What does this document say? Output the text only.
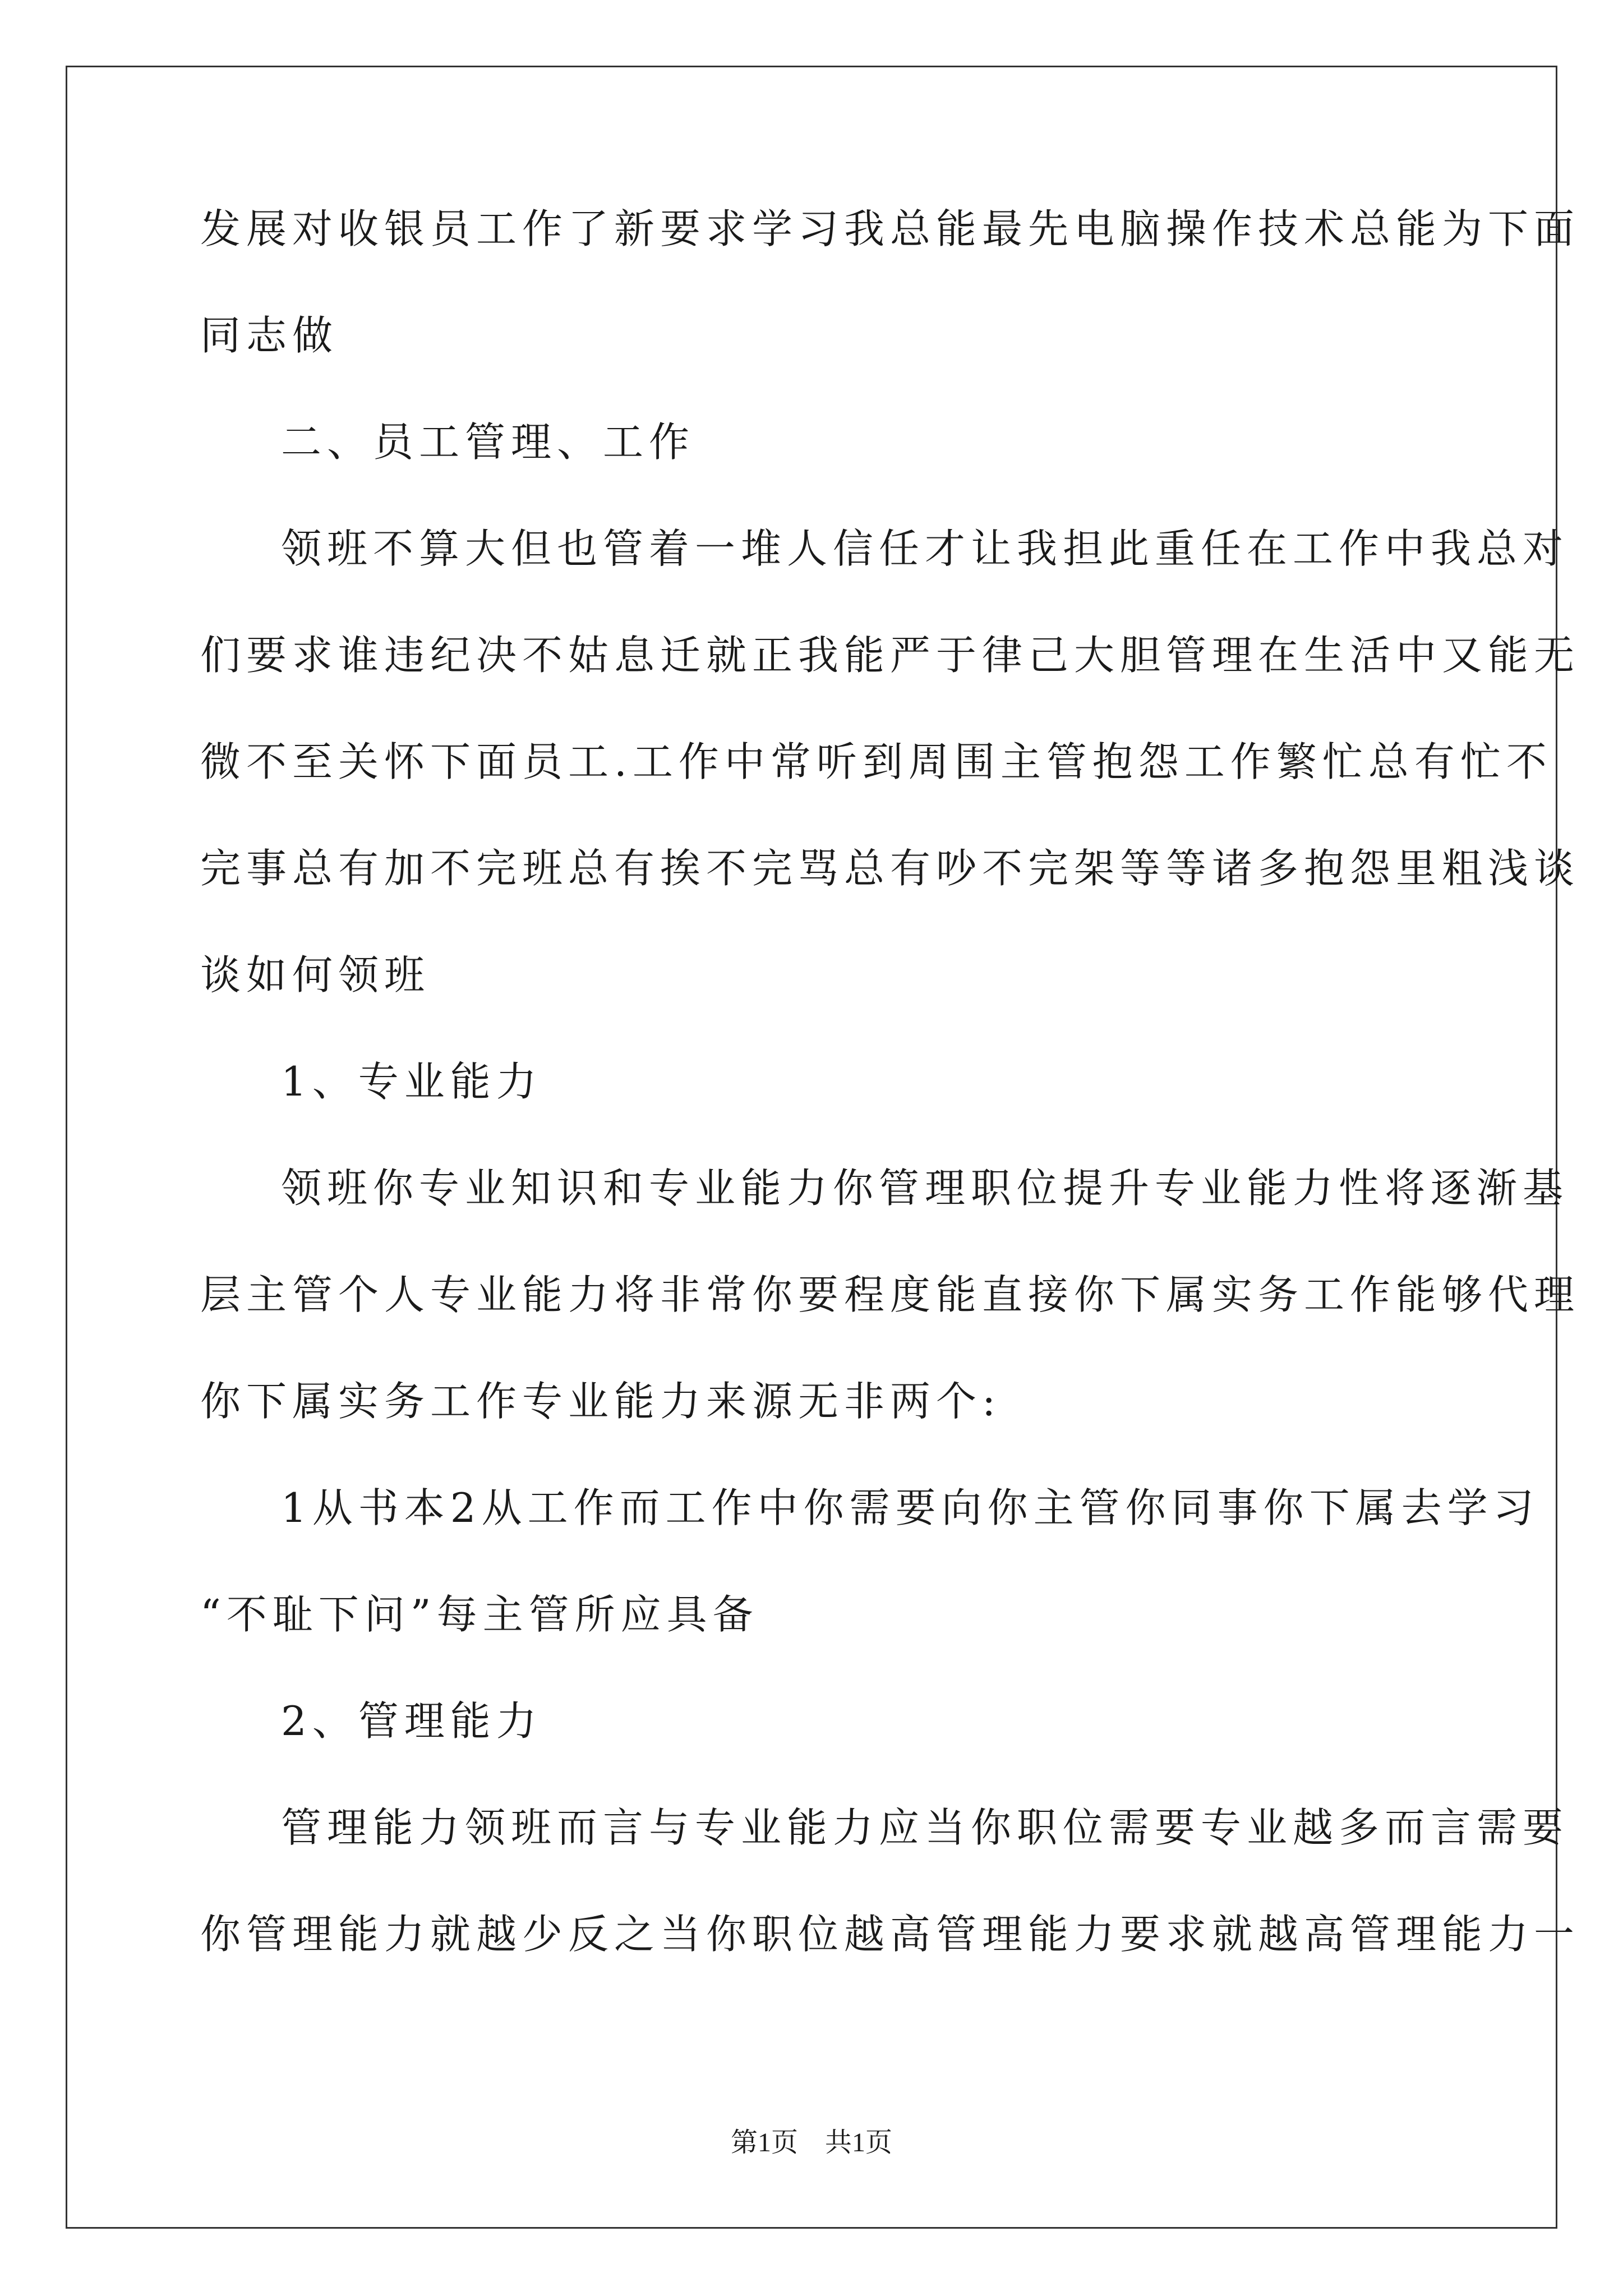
发展对收银员工作了新要求学习我总能最先电脑操作技术总能为下面
同志做
二、员工管理、工作
领班不算大但也管着一堆人信任才让我担此重任在工作中我总对
们要求谁违纪决不姑息迁就正我能严于律己大胆管理在生活中又能无
微不至关怀下面员工.工作中常听到周围主管抱怨工作繁忙总有忙不
完事总有加不完班总有挨不完骂总有吵不完架等等诸多抱怨里粗浅谈
谈如何领班
1、专业能力
领班你专业知识和专业能力你管理职位提升专业能力性将逐渐基
层主管个人专业能力将非常你要程度能直接你下属实务工作能够代理
你下属实务工作专业能力来源无非两个:
1从书本2从工作而工作中你需要向你主管你同事你下属去学习
“不耻下问”每主管所应具备
2、管理能力
管理能力领班而言与专业能力应当你职位需要专业越多而言需要
你管理能力就越少反之当你职位越高管理能力要求就越高管理能力一
第1页 共1页
